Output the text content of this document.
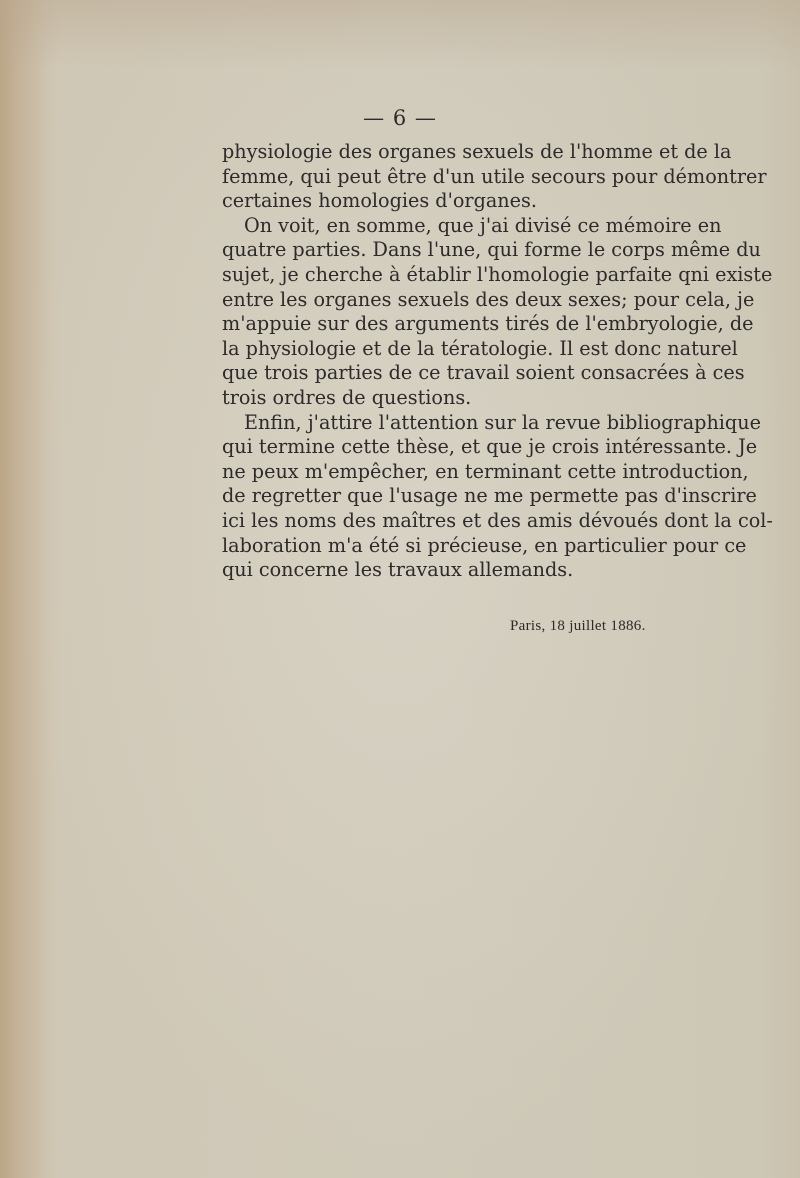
— 6 —
physiologie des organes sexuels de l'homme et de la
femme, qui peut être d'un utile secours pour démontrer
certaines homologies d'organes.
On voit, en somme, que j'ai divisé ce mémoire en
quatre parties. Dans l'une, qui forme le corps même du
sujet, je cherche à établir l'homologie parfaite qni existe
entre les organes sexuels des deux sexes; pour cela, je
m'appuie sur des arguments tirés de l'embryologie, de
la physiologie et de la tératologie. Il est donc naturel
que trois parties de ce travail soient consacrées à ces
trois ordres de questions.
Enfin, j'attire l'attention sur la revue bibliographique
qui termine cette thèse, et que je crois intéressante. Je
ne peux m'empêcher, en terminant cette introduction,
de regretter que l'usage ne me permette pas d'inscrire
ici les noms des maîtres et des amis dévoués dont la col-
laboration m'a été si précieuse, en particulier pour ce
qui concerne les travaux allemands.
Paris, 18 juillet 1886.
